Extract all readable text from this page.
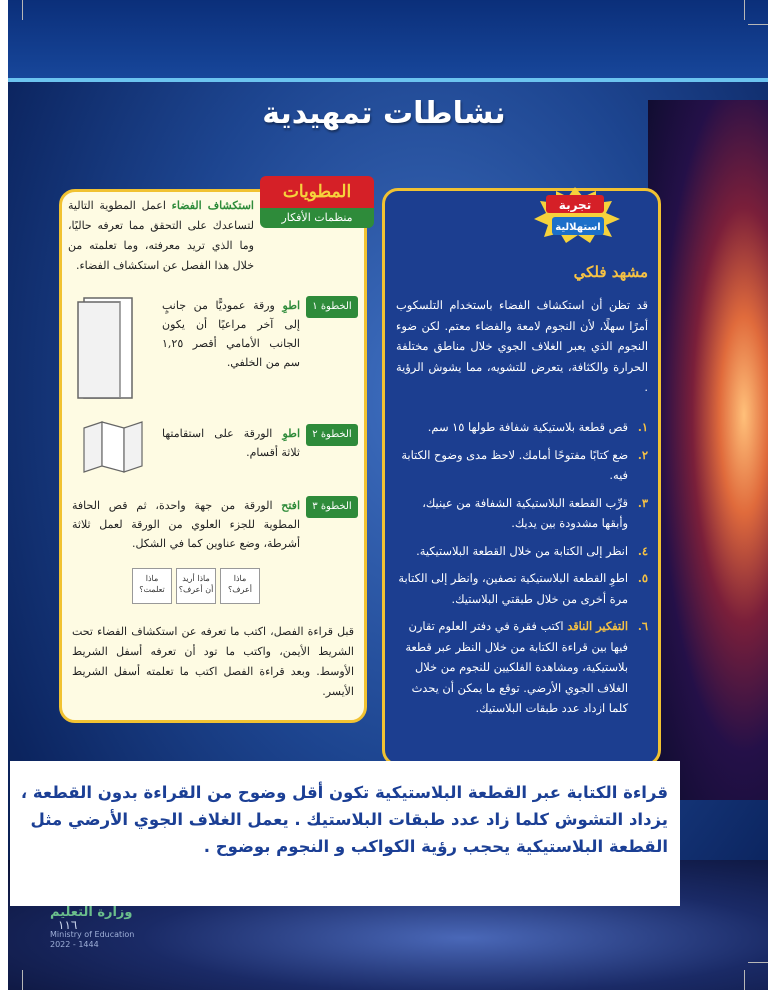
نشاطات تمهيدية
تجربة
استهلالية
مشهد فلكي
قد تظن أن استكشاف الفضاء باستخدام التلسكوب أمرًا سهلًا، لأن النجوم لامعة والفضاء معتم. لكن ضوء النجوم الذي يعبر الغلاف الجوي خلال مناطق مختلفة الحرارة والكثافة، يتعرض للتشويه، مما يشوش الرؤية .
١.
قص قطعة بلاستيكية شفافة طولها ١٥ سم.
٢.
ضع كتابًا مفتوحًا أمامك. لاحظ مدى وضوح الكتابة فيه.
٣.
قرِّب القطعة البلاستيكية الشفافة من عينيك، وأبقها مشدودة بين يديك.
٤.
انظر إلى الكتابة من خلال القطعة البلاستيكية.
٥.
اطوِ القطعة البلاستيكية نصفين، وانظر إلى الكتابة مرة أخرى من خلال طبقتي البلاستيك.
٦.
التفكير الناقد اكتب فقرة في دفتر العلوم تقارن فيها بين قراءة الكتابة من خلال النظر عبر قطعة بلاستيكية، ومشاهدة الفلكيين للنجوم من خلال الغلاف الجوي الأرضي. توقع ما يمكن أن يحدث كلما ازداد عدد طبقات البلاستيك.
المطويات
منظمات الأفكار
استكشاف الفضاء اعمل المطوية التالية لتساعدك على التحقق مما تعرفه حاليًا، وما الذي تريد معرفته، وما تعلمته من خلال هذا الفصل عن استكشاف الفضاء.
الخطوة ١
اطوِ ورقة عموديًّا من جانبٍ إلى آخر مراعيًا أن يكون الجانب الأمامي أقصر ١,٢٥ سم من الخلفي.
الخطوة ٢
اطوِ الورقة على استقامتها ثلاثة أقسام.
الخطوة ٣
افتح الورقة من جهة واحدة، ثم قص الحافة المطوية للجزء العلوي من الورقة لعمل ثلاثة أشرطة، وضع عناوين كما في الشكل.
ماذا أعرف؟
ماذا أريد أن أعرف؟
ماذا تعلمت؟
قبل قراءة الفصل، اكتب ما تعرفه عن استكشاف الفضاء تحت الشريط الأيمن، واكتب ما تود أن تعرفه أسفل الشريط الأوسط. وبعد قراءة الفصل اكتب ما تعلمته أسفل الشريط الأيسر.
قراءة الكتابة عبر القطعة البلاستيكية تكون أقل وضوح من القراءة بدون القطعة ، يزداد التشوش كلما زاد عدد طبقات البلاستيك . يعمل الغلاف الجوي الأرضي مثل القطعة البلاستيكية يحجب رؤية الكواكب و النجوم بوضوح .
وزارة التعليم
١١٦
Ministry of Education
2022 - 1444
